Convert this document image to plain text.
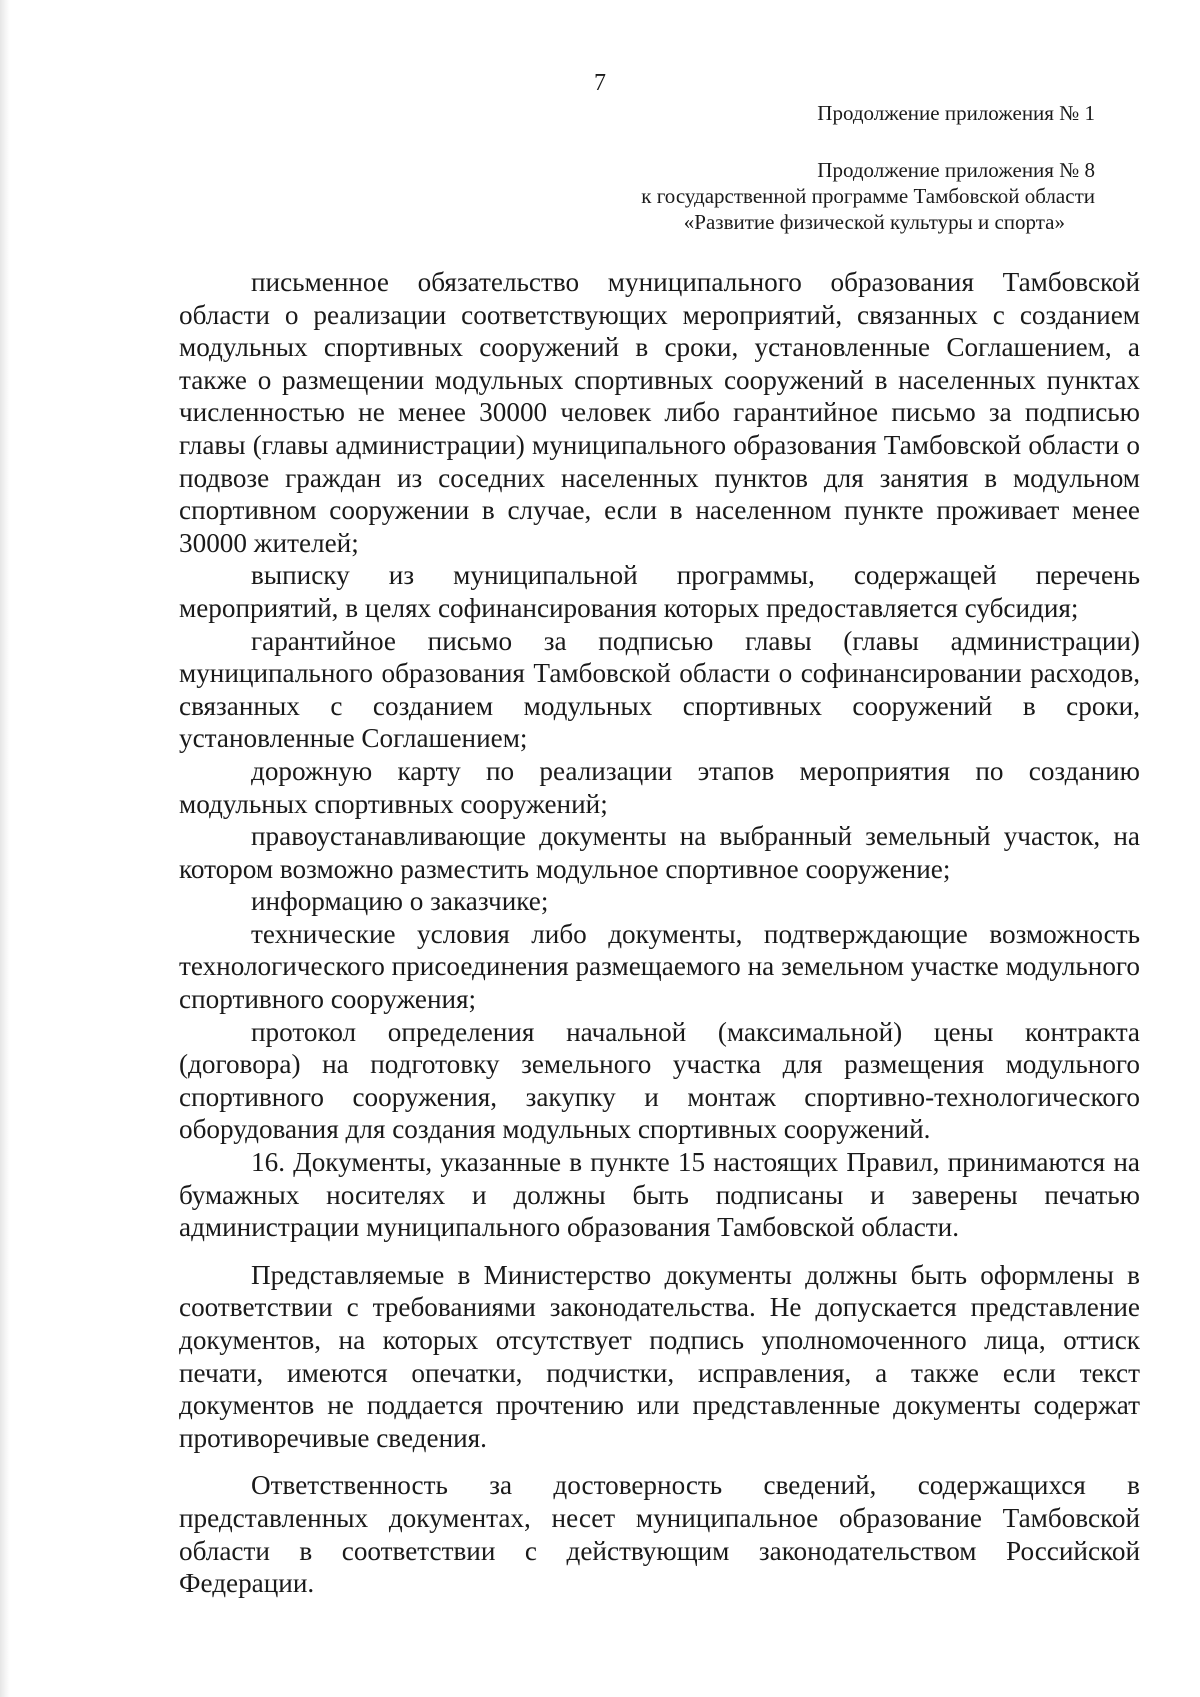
7
Продолжение приложения № 1
Продолжение приложения № 8
к государственной программе Тамбовской области
«Развитие физической культуры и спорта»

письменное обязательство муниципального образования Тамбовской области о реализации соответствующих мероприятий, связанных с созданием модульных спортивных сооружений в сроки, установленные Соглашением, а также о размещении модульных спортивных сооружений в населенных пунктах численностью не менее 30000 человек либо гарантийное письмо за подписью главы (главы администрации) муниципального образования Тамбовской области о подвозе граждан из соседних населенных пунктов для занятия в модульном спортивном сооружении в случае, если в населенном пункте проживает менее 30000 жителей;

выписку из муниципальной программы, содержащей перечень мероприятий, в целях софинансирования которых предоставляется субсидия;

гарантийное письмо за подписью главы (главы администрации) муниципального образования Тамбовской области о софинансировании расходов, связанных с созданием модульных спортивных сооружений в сроки, установленные Соглашением;

дорожную карту по реализации этапов мероприятия по созданию модульных спортивных сооружений;

правоустанавливающие документы на выбранный земельный участок, на котором возможно разместить модульное спортивное сооружение;

информацию о заказчике;

технические условия либо документы, подтверждающие возможность технологического присоединения размещаемого на земельном участке модульного спортивного сооружения;

протокол определения начальной (максимальной) цены контракта (договора) на подготовку земельного участка для размещения модульного спортивного сооружения, закупку и монтаж спортивно-технологического оборудования для создания модульных спортивных сооружений.

16. Документы, указанные в пункте 15 настоящих Правил, принимаются на бумажных носителях и должны быть подписаны и заверены печатью администрации муниципального образования Тамбовской области.

Представляемые в Министерство документы должны быть оформлены в соответствии с требованиями законодательства. Не допускается представление документов, на которых отсутствует подпись уполномоченного лица, оттиск печати, имеются опечатки, подчистки, исправления, а также если текст документов не поддается прочтению или представленные документы содержат противоречивые сведения.

Ответственность за достоверность сведений, содержащихся в представленных документах, несет муниципальное образование Тамбовской области в соответствии с действующим законодательством Российской Федерации.
